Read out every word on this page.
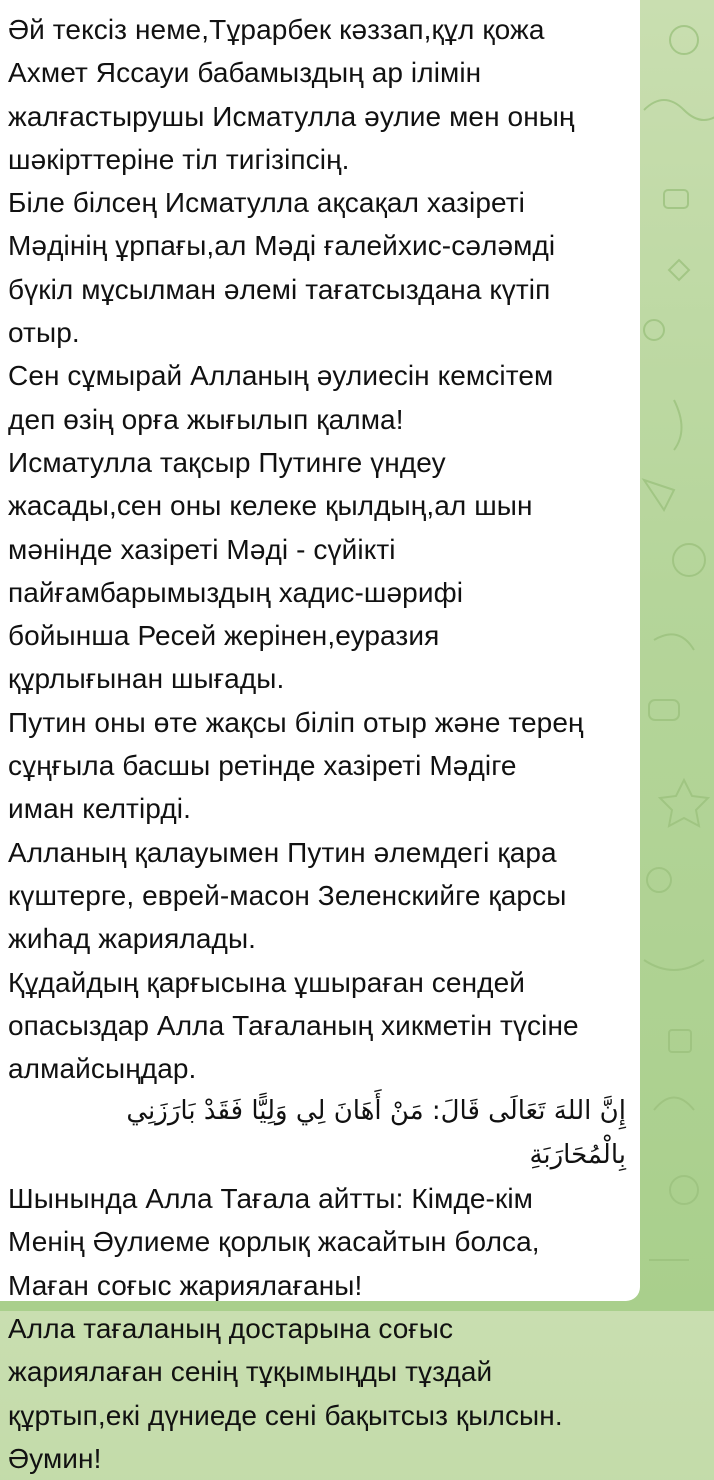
Әй тексіз неме,Тұрарбек кәззап,құл қожа
Ахмет Яссауи бабамыздың ар ілімін
жалғастырушы Исматулла әулие мен оның
шәкірттеріне тіл тигізіпсің.
Біле білсең Исматулла ақсақал хазіреті
Мәдінің ұрпағы,ал Мәді ғалейхис-сәләмді
бүкіл мұсылман әлемі тағатсыздана күтіп
отыр.
Сен сұмырай Алланың әулиесін кемсітем
деп өзің орға жығылып қалма!
Исматулла тақсыр Путинге үндеу
жасады,сен оны келеке қылдың,ал шын
мәнінде хазіреті Мәді - сүйікті
пайғамбарымыздың хадис-шәрифі
бойынша Ресей жерінен,еуразия
құрлығынан шығады.
Путин оны өте жақсы біліп отыр және терең
сұңғыла басшы ретінде хазіреті Мәдіге
иман келтірді.
Алланың қалауымен Путин әлемдегі қара
күштерге, еврей-масон Зеленскийге қарсы
жиһад жариялады.
Құдайдың қарғысына ұшыраған сендей
опасыздар Алла Тағаланың хикметін түсіне
алмайсыңдар.
إِنَّ اللهَ تَعَالَى قَالَ: مَنْ أَهَانَ لِي وَلِيًّا فَقَدْ بَارَزَنِي
بِالْمُحَارَبَةِ
Шынында Алла Тағала айтты: Кімде-кім
Менің Әулиеме қорлық жасайтын болса,
Маған соғыс жариялағаны!
Алла тағаланың достарына соғыс
жариялаған сенің тұқымыңды тұздай
құртып,екі дүниеде сені бақытсыз қылсын.
Әумин!
